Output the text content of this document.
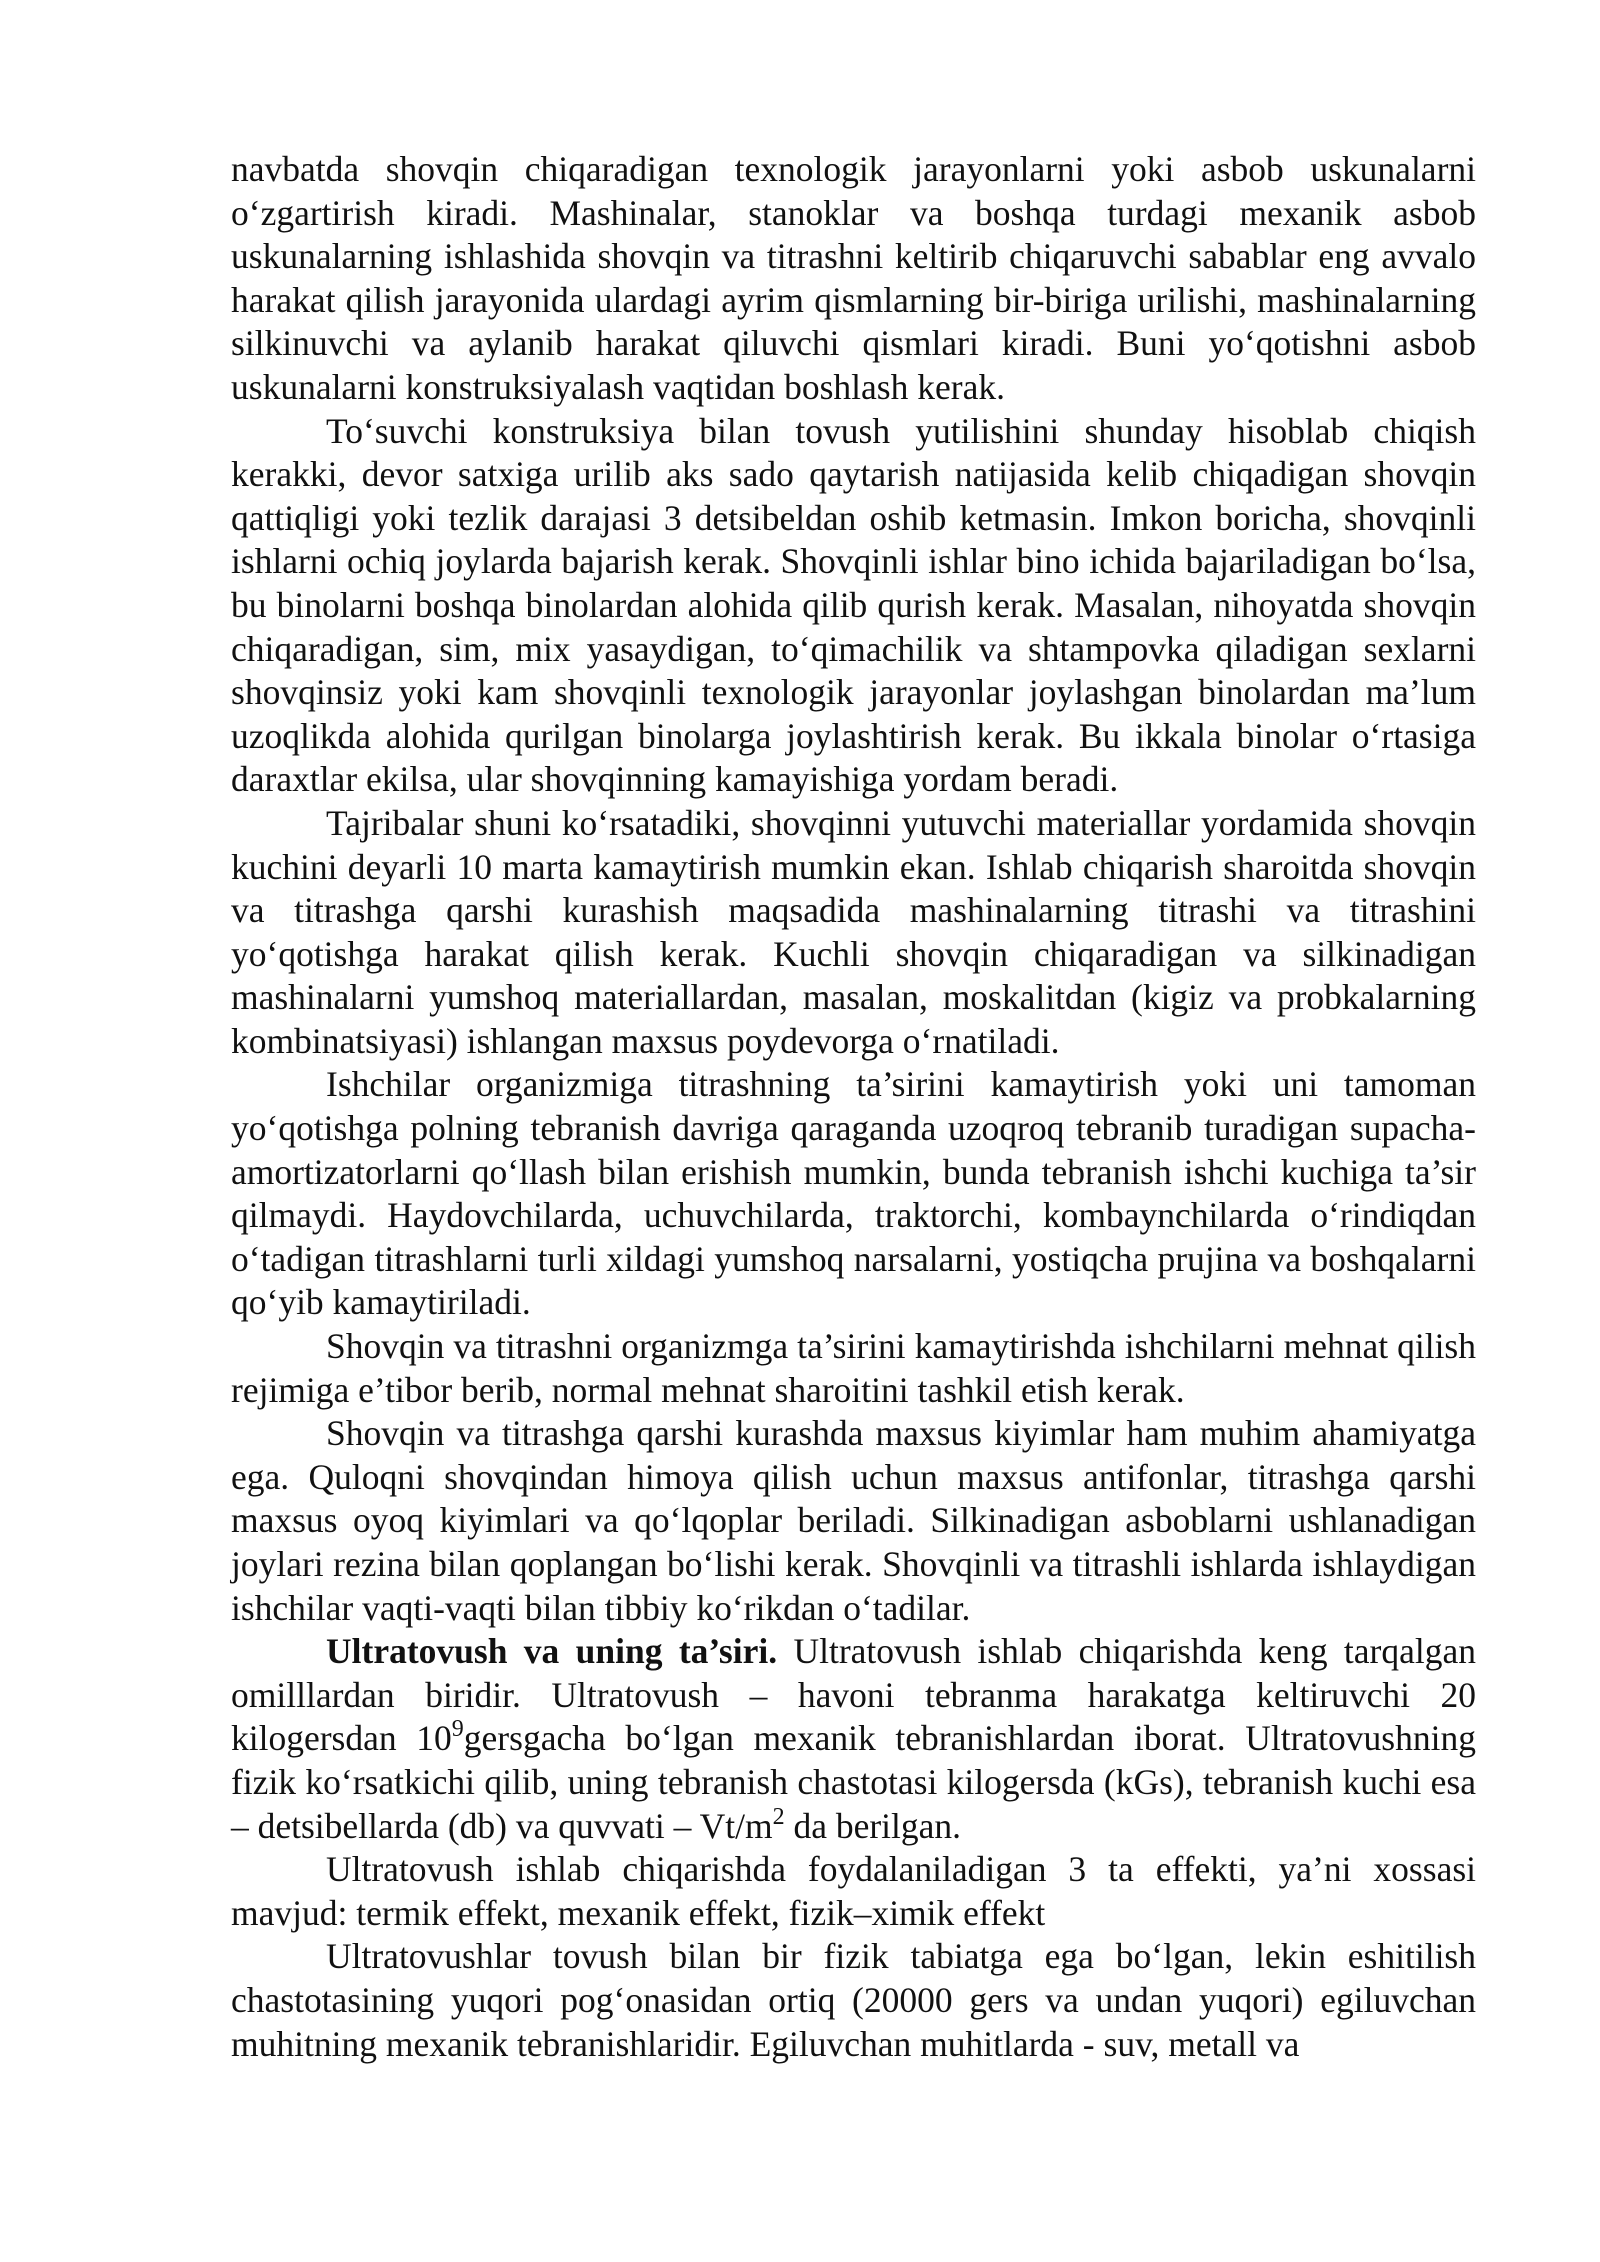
navbatda shovqin chiqaradigan texnologik jarayonlarni yoki asbob uskunalarni o‘zgartirish kiradi. Mashinalar, stanoklar va boshqa turdagi mexanik asbob uskunalarning ishlashida shovqin va titrashni keltirib chiqaruvchi sabablar eng avvalo harakat qilish jarayonida ulardagi ayrim qismlarning bir-biriga urilishi, mashinalarning silkinuvchi va aylanib harakat qiluvchi qismlari kiradi. Buni yo‘qotishni asbob uskunalarni konstruksiyalash vaqtidan boshlash kerak.

To‘suvchi konstruksiya bilan tovush yutilishini shunday hisoblab chiqish kerakki, devor satxiga urilib aks sado qaytarish natijasida kelib chiqadigan shovqin qattiqligi yoki tezlik darajasi 3 detsibeldan oshib ketmasin. Imkon boricha, shovqinli ishlarni ochiq joylarda bajarish kerak. Shovqinli ishlar bino ichida bajariladigan bo‘lsa, bu binolarni boshqa binolardan alohida qilib qurish kerak. Masalan, nihoyatda shovqin chiqaradigan, sim, mix yasaydigan, to‘qimachilik va shtampovka qiladigan sexlarni shovqinsiz yoki kam shovqinli texnologik jarayonlar joylashgan binolardan ma’lum uzoqlikda alohida qurilgan binolarga joylashtirish kerak. Bu ikkala binolar o‘rtasiga daraxtlar ekilsa, ular shovqinning kamayishiga yordam beradi.

Tajribalar shuni ko‘rsatadiki, shovqinni yutuvchi materiallar yordamida shovqin kuchini deyarli 10 marta kamaytirish mumkin ekan. Ishlab chiqarish sharoitda shovqin va titrashga qarshi kurashish maqsadida mashinalarning titrashi va titrashini yo‘qotishga harakat qilish kerak. Kuchli shovqin chiqaradigan va silkinadigan mashinalarni yumshoq materiallardan, masalan, moskalitdan (kigiz va probkalarning kombinatsiyasi) ishlangan maxsus poydevorga o‘rnatiladi.

Ishchilar organizmiga titrashning ta’sirini kamaytirish yoki uni tamoman yo‘qotishga polning tebranish davriga qaraganda uzoqroq tebranib turadigan supacha-amortizatorlarni qo‘llash bilan erishish mumkin, bunda tebranish ishchi kuchiga ta’sir qilmaydi. Haydovchilarda, uchuvchilarda, traktorchi, kombaynchilarda o‘rindiqdan o‘tadigan titrashlarni turli xildagi yumshoq narsalarni, yostiqcha prujina va boshqalarni qo‘yib kamaytiriladi.

Shovqin va titrashni organizmga ta’sirini kamaytirishda ishchilarni mehnat qilish rejimiga e’tibor berib, normal mehnat sharoitini tashkil etish kerak.

Shovqin va titrashga qarshi kurashda maxsus kiyimlar ham muhim ahamiyatga ega. Quloqni shovqindan himoya qilish uchun maxsus antifonlar, titrashga qarshi maxsus oyoq kiyimlari va qo‘lqoplar beriladi. Silkinadigan asboblarni ushlanadigan joylari rezina bilan qoplangan bo‘lishi kerak. Shovqinli va titrashli ishlarda ishlaydigan ishchilar vaqti-vaqti bilan tibbiy ko‘rikdan o‘tadilar.

Ultratovush va uning ta’siri. Ultratovush ishlab chiqarishda keng tarqalgan omilllardan biridir. Ultratovush – havoni tebranma harakatga keltiruvchi 20 kilogersdan $10^9gersgacha$ bo‘lgan mexanik tebranishlardan iborat. Ultratovushning fizik ko‘rsatkichi qilib, uning tebranish chastotasi kilogersda (kGs), tebranish kuchi esa – detsibellarda (db) va quvvati – $Vt/m^2$ da berilgan.

Ultratovush ishlab chiqarishda foydalaniladigan 3 ta effekti, ya’ni xossasi mavjud: termik effekt, mexanik effekt, fizik–ximik effekt

Ultratovushlar tovush bilan bir fizik tabiatga ega bo‘lgan, lekin eshitilish chastotasining yuqori pog‘onasidan ortiq (20000 gers va undan yuqori) egiluvchan muhitning mexanik tebranishlaridir. Egiluvchan muhitlarda - suv, metall va
